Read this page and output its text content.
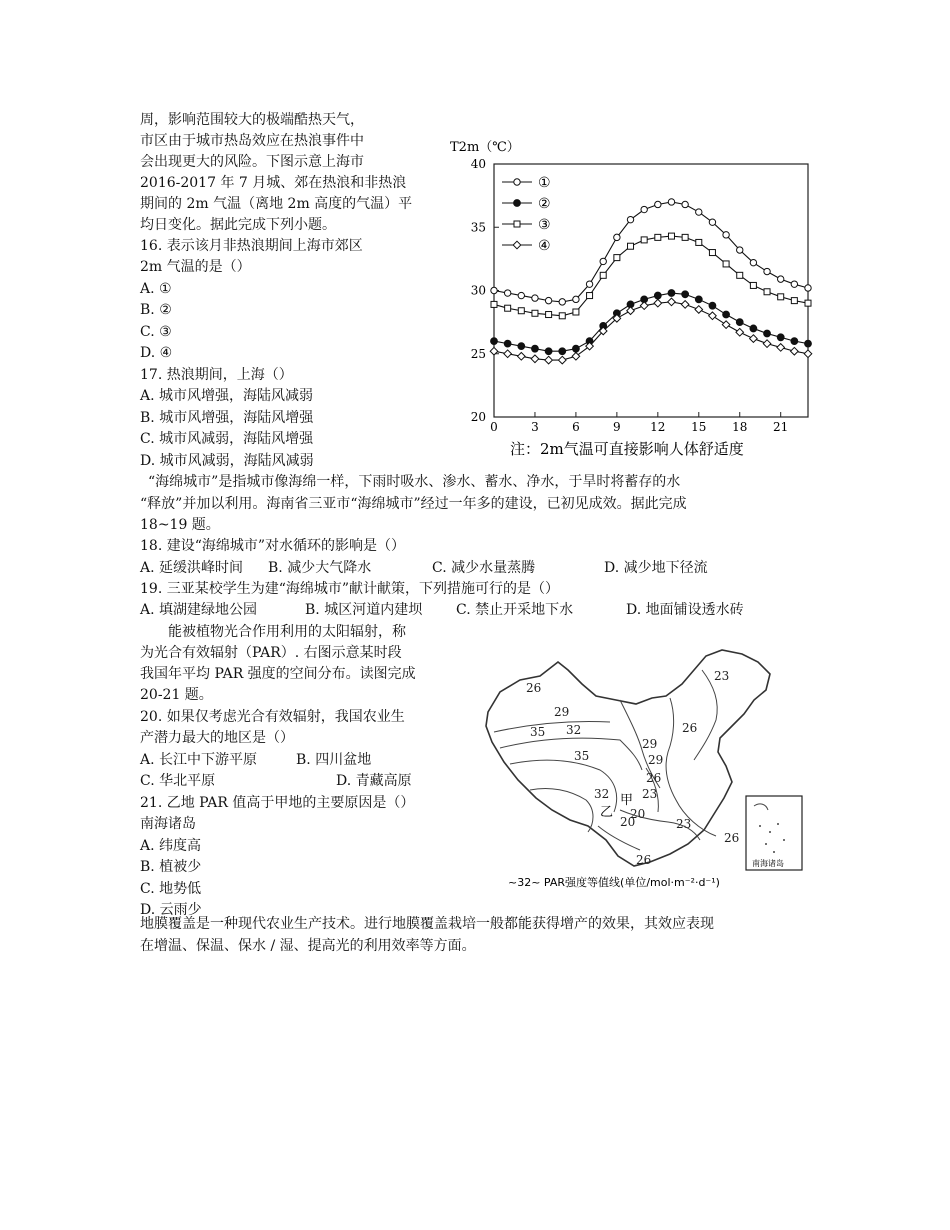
周，影响范围较大的极端酷热天气，
市区由于城市热岛效应在热浪事件中
会出现更大的风险。下图示意上海市
2016-2017 年 7 月城、郊在热浪和非热浪
期间的 2m 气温（离地 2m 高度的气温）平
均日变化。据此完成下列小题。
16. 表示该月非热浪期间上海市郊区
2m 气温的是（）
A. ①
B. ②
C. ③
D. ④
17. 热浪期间，上海（）
A. 城市风增强，海陆风减弱
B. 城市风增强，海陆风增强
C. 城市风减弱，海陆风增强
D. 城市风减弱，海陆风减弱
T2m（℃）
20
25
30
35
40
0	3	6	9 12 15 18 21
①
②
③
④
注：2m气温可直接影响人体舒适度
“海绵城市”是指城市像海绵一样，下雨时吸水、渗水、蓄水、净水，于旱时将蓄存的水
“释放”并加以利用。海南省三亚市“海绵城市”经过一年多的建设，已初见成效。据此完成
18~19 题。
18. 建设“海绵城市”对水循环的影响是（）
A. 延缓洪峰时间 B. 减少大气降水	C. 减少水量蒸腾	D. 减少地下径流
19. 三亚某校学生为建“海绵城市”献计献策，下列措施可行的是（）
A. 填湖建绿地公园	B. 城区河道内建坝 C. 禁止开采地下水	D. 地面铺设透水砖
能被植物光合作用利用的太阳辐射，称
为光合有效辐射（PAR）. 右图示意某时段
我国年平均 PAR 强度的空间分布。读图完成
20-21 题。
20. 如果仅考虑光合有效辐射，我国农业生
产潜力最大的地区是（）
A. 长江中下游平原	B. 四川盆地
C. 华北平原	D. 青藏高原
21. 乙地 PAR 值高于甲地的主要原因是（）
南海诸岛
A. 纬度高
B. 植被少
C. 地势低
D. 云雨少
26
29
35 32
35
23
26
29
29
26
23
20
32
23
20
26
26
甲
乙
南海诸岛
~32~ PAR强度等值线(单位/mol·m⁻²·d⁻¹)
地膜覆盖是一种现代农业生产技术。进行地膜覆盖栽培一般都能获得增产的效果，其效应表现
在增温、保温、保水 / 湿、提高光的利用效率等方面。
